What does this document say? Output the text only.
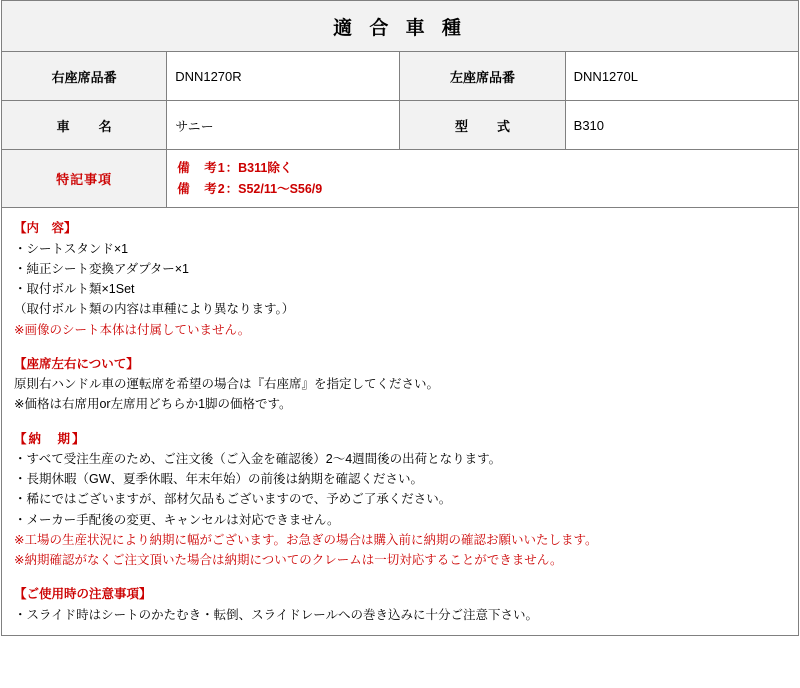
適 合 車 種			
右座席品番	DNN1270R	左座席品番	DNN1270L
車　名	サニー	型　式	B310
特記事項	備　考1：B311除く
備　考2：S52/11〜S56/9		

【内　容】

・シートスタンド×1

・純正シート変換アダプター×1

・取付ボルト類×1Set

（取付ボルト類の内容は車種により異なります。）

※画像のシート本体は付属していません。

【座席左右について】

原則右ハンドル車の運転席を希望の場合は『右座席』を指定してください。

※価格は右席用or左席用どちらか1脚の価格です。

【納　期】

・すべて受注生産のため、ご注文後（ご入金を確認後）2〜4週間後の出荷となります。

・長期休暇（GW、夏季休暇、年末年始）の前後は納期を確認ください。

・稀にではございますが、部材欠品もございますので、予めご了承ください。

・メーカー手配後の変更、キャンセルは対応できません。

※工場の生産状況により納期に幅がございます。お急ぎの場合は購入前に納期の確認お願いいたします。

※納期確認がなくご注文頂いた場合は納期についてのクレームは一切対応することができません。

【ご使用時の注意事項】

・スライド時はシートのかたむき・転倒、スライドレールへの巻き込みに十分ご注意下さい。
